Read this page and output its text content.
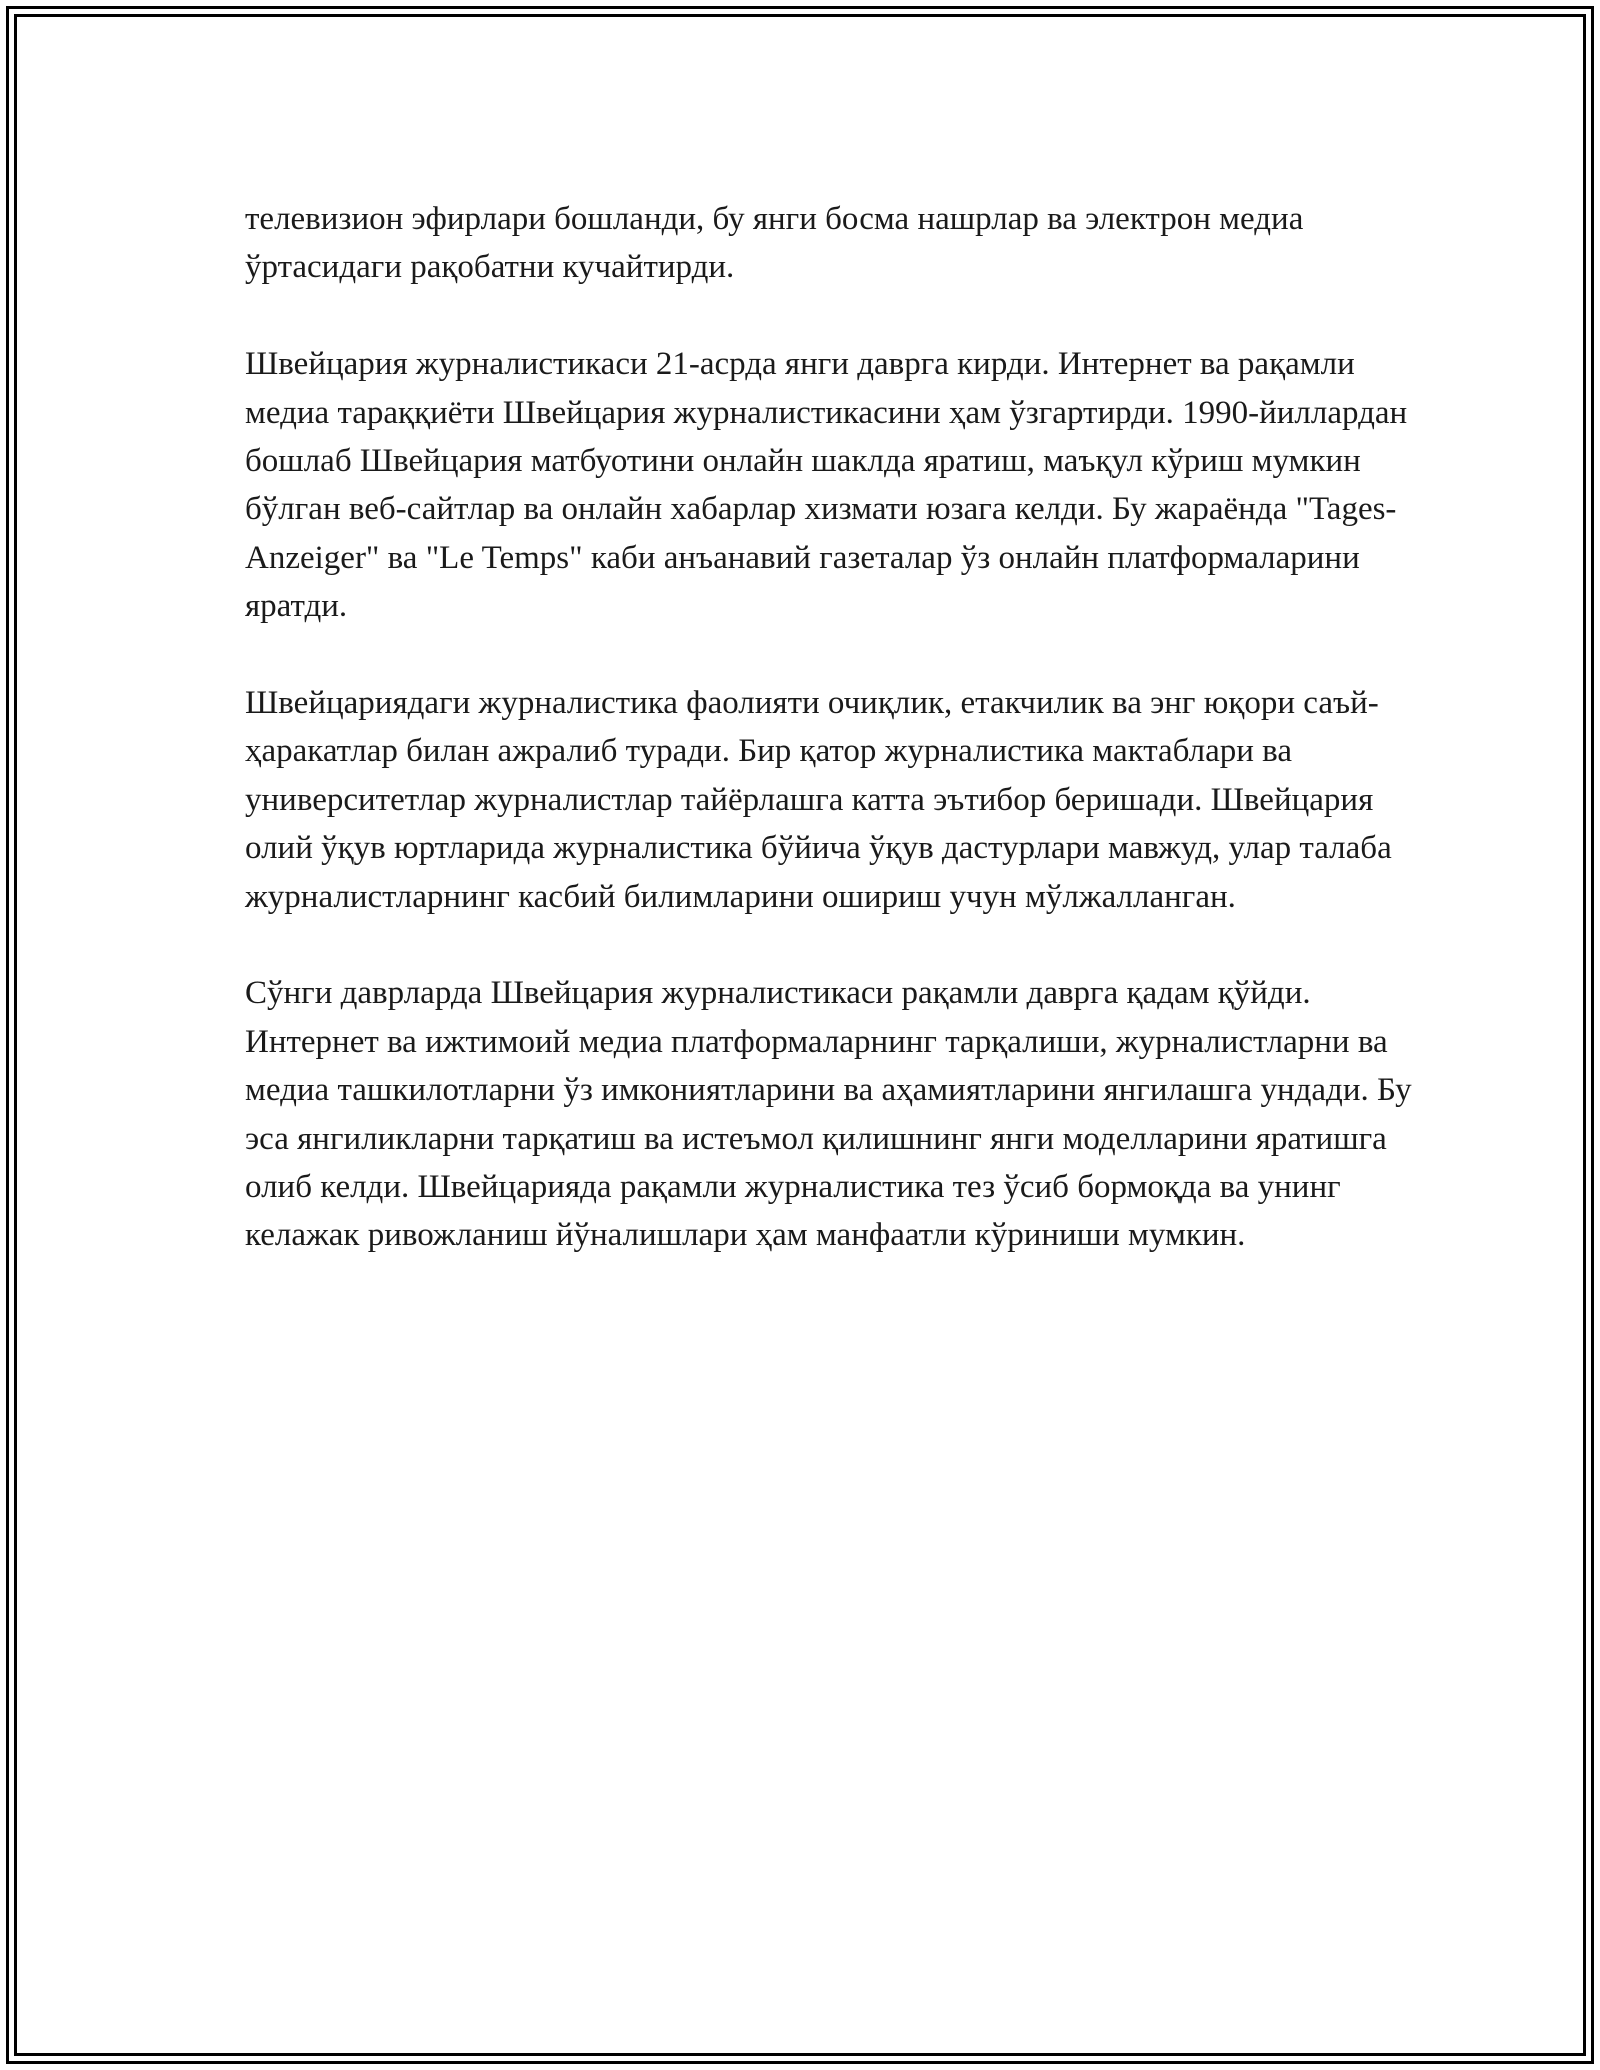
телевизион эфирлари бошланди, бу янги босма нашрлар ва электрон медиа ўртасидаги рақобатни кучайтирди.

Швейцария журналистикаси 21-асрда янги даврга кирди. Интернет ва рақамли медиа тараққиёти Швейцария журналистикасини ҳам ўзгартирди. 1990-йиллардан бошлаб Швейцария матбуотини онлайн шаклда яратиш, маъқул кўриш мумкин бўлган веб-сайтлар ва онлайн хабарлар хизмати юзага келди. Бу жараёнда "Tages-Anzeiger" ва "Le Temps" каби анъанавий газеталар ўз онлайн платформаларини яратди.

Швейцариядаги журналистика фаолияти очиқлик, етакчилик ва энг юқори саъй-ҳаракатлар билан ажралиб туради. Бир қатор журналистика мактаблари ва университетлар журналистлар тайёрлашга катта эътибор беришади. Швейцария олий ўқув юртларида журналистика бўйича ўқув дастурлари мавжуд, улар талаба журналистларнинг касбий билимларини ошириш учун мўлжалланган.

Сўнги даврларда Швейцария журналистикаси рақамли даврга қадам қўйди. Интернет ва ижтимоий медиа платформаларнинг тарқалиши, журналистларни ва медиа ташкилотларни ўз имкониятларини ва аҳамиятларини янгилашга ундади. Бу эса янгиликларни тарқатиш ва истеъмол қилишнинг янги моделларини яратишга олиб келди. Швейцарияда рақамли журналистика тез ўсиб бормоқда ва унинг келажак ривожланиш йўналишлари ҳам манфаатли кўриниши мумкин.
